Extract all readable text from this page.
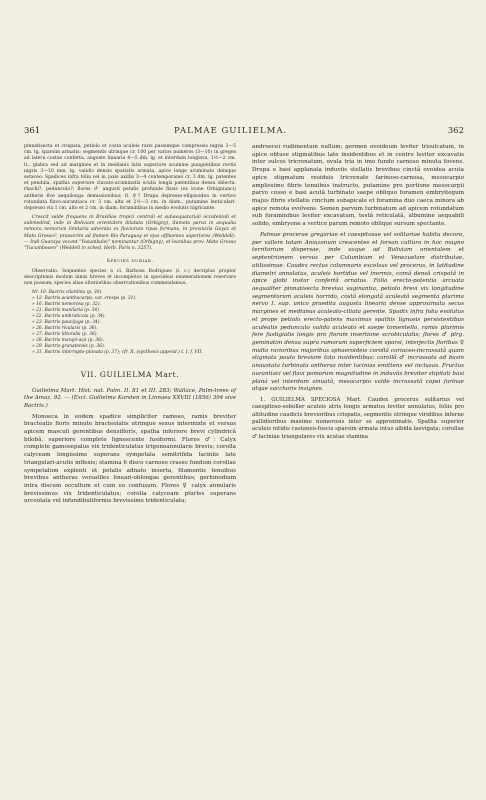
361	PALMAE GUILIELMA.	362

pinnatisecta et crispata, petiolo et costa aculeis raris passimque compressis nigris 3—5 cm. lg. sparsim armatis; segmentis utrinque cr. 100 per varios numeros (3—10) in greges ad latera costae conferta, anguste linearia 4—5 dm. lg. et interdum longiora, 1½—2 cm. lt., glabra sed ad margines et in medianis latis superiore acumine pungentibus rectis nigris 3—10 mm. lg. validis densis spatiatis armata, apice longe acuminato deinque setaceo. Spadices infra folia vel in (axis axillis 3—4 contemporanei cr. 3 dm. lg. patentes et pendula, spathis superiore clavato-acuminatis oculis longis patentibus densa oblecta. rhachi?, pedunculo?; flores ♂ angusti petalis profunde fissis (ex icone Orbignianci) antheris 6ve aequilonga demissionibus; fl. ♀? Drupa depresso-ellipsoidea in vertice rotundata flavo-aurantiaca cr. 3 cm. alta et 2½—3 cm. in diam., putamine lenticulari-depresso vix 1 cm. alto et 2 cm. in diam. foraminibus in medio evolutis nigricante.

Crescit valde frequens in Brasiliae tropici centrali et subaequatoriali occidentali et submedind, inde in Boliviam orientalem dilatata (Orbigny), dumeta parva in aequalia nemora nemorum limitaria adventia ex flaviorum ripas formans, in provinciis Goyaz et Mato Grosso?, praeserim ad flumen Rio Paraguay et ejus affluentes superiores (Weddell). — Indi Guaraya vocant "Yasumbalei" nominantur (Orbigny), et leonibus prov. Mato Grosso "Tucumbeaen" (Weddell in sched. Herb. Paris n. 3257).

Species dubiae.

Observatio. Sequentes species a cl. Barbosa Rodrigues (l. c.) decriptas propter descriptionis modum nimis breves et incompletos in speciebus enumerationem reservare non possum; species aliae ulterioribus observationibus commendamus:

Nr. 10. Bactris cilantina (p. 30).
» 12. Bactris acanthocarpa, var. crespa (p. 31).
» 16. Bactris nemorosa (p. 32).
» 21. Bactris manilaria (p. 34).
» 22. Bactris umbraticola (p. 34).
» 23. Bactris paucijuga (p. 34).
» 26. Bactris rivularis (p. 36).
» 27. Bactris littoralis (p. 36).
» 28. Bactris marajó-açú (p. 36).
» 29. Bactris granatensis (p. 36).
» 31. Bactris interrupte-pinnata (p. 37); cfr. II. (synthesis append.) t. I. f. VII.
VII. GUILIELMA Mart.

Guilielma Mart. Hist. nat. Palm. II. 81 et III. 283; Wallace, Palm-trees of the Amaz. 92. — (Excl. Guilielma Karsten in Linnaea XXVIII (1856) 394 sive Bactris.)

Monoeca in eodem spadice simpliciter ramoso, ramis breviter bracteatis floris minute bracteolatis utrinque sexus intermixte et versus apicem masculi gerentibus densifloris, spatha inferiore brevi cylindricâ bilobâ, superiore complete lignescente fusiformi. Flores ♂: Calyx complete gamosepalus vix tridenticulatus trigonoannularis brevis; corolla calyceam longissime superans sympetala semitrifida laciniis late triangulari-acutis inflexis; stamina 6 disco carnoso crasso fundum corollae sympetalum explenti et petalis adnato inserta, filamentis tenuibus brevibus antheras versatiles lineari-oblongas gerentibus; gerhinodium intra discum occultum et cum eo confusum. Flores ♀ calyx annularis brevissimus vix tridenticulatus; corolla calyceam plurles superans urceolata vel infundibuliformis brevissime tridenticulata;

androecei rudimentum nullum; germen ovoideum leviter trisulcatum, in apice obtuse stigmatibus late insidentibus et in centro leviter excavatis inter sulcos tricrenatum, ovula tria in imo fundo carnoso minuta fovens. Drupa e basi applanata induviis stellatis brevibus cinctâ ovoidea acuta apice stigmatum residuis tricrenate farinoso-carnosa, mesocarpio amplissimo fibris tenuibus instructo, putamine pro portione mesocarpii parvo cosso e basi acutâ turbinato saepe obliquo foramen embryitegum majus fibris stellatis cinctum subapicale et foramina duo caeca minora ab apice remota evolvens. Semen parvum turbinatum ad apicem rotundatum sub foraminibus leviter excavatum, testâ reticulatâ, albumine aequabili solido, embryone a vertice parum remoto oblique sursum spectante.

Palmae procerae gregariae et caespitosae vel solitariae habitu decoro, per vallem totam Amazonum crescentes et forsan cultura in hoc magno territorium dispersae, inde usque ad Boliviam orientalem et septentrionem versus per Columbiam et Venezuelam distributae, utilissimae. Caudex rectus columnaris excelsus vel procerus, in latitudine diametri annulatus, aculeis hortidus vel inermis, comâ densâ crispatâ in apice globi instar confertâ ornatus. Folia erecto-patentia arcuata aequaliter pinnatisecta breviua vaginantia, petiolo brevi vix longitudine segmentorum aculeis horrido, costâ elongatâ aculeatâ segmenta plurima nervo I. sup. unico praedita augusta linearia dense approximata secus margines et medianus aculeato-ciliata gerente. Spadix infra folia evolutus et prope petiolo erecto-patens maximus spathis lignosis persistentibus aculeatis pedunculo valido aculeato et saepe tomentello, ramis plurimis fere fastigiatis longis pro florum insertione scrobiculatis; flores ♂ plrg. geminatim densa supra ramorum superficiem sparsi, interjectis floribus ♀ multo rarioribus majoribus sphaeroideis corollâ coriaceo-incrassatâ quam stigmata paulo breviore toto insidentibus; corollâ ♂ incrassata ad basin anaustata turbinata antheras inter lacinias emittens vel inclusas. Fructus aurantiaci vel flavi pomorum magnitudine in induviis breviter stipitati basi planá vel interdum sinuatâ, mesocarpio valde incrassatâ capsi farinae atque saccharis insignes.

1. GUILIELMA SPECIOSA Mart. Caudex procerus solitarius vel caespitoso-soboller aculeis atris longis armatus leviter annulatus, foliis pro altitudine caudicis brevioribus crispatis, segmentis utrinque viridibus inferne pallidioribus maxime numerosis inter se approximatis. Spatha superior aculeis nitidis castaneo-fuscis sparsim armata intus albida laevigata; corollae ♂ laciniae triangulares vix acutae stamina
